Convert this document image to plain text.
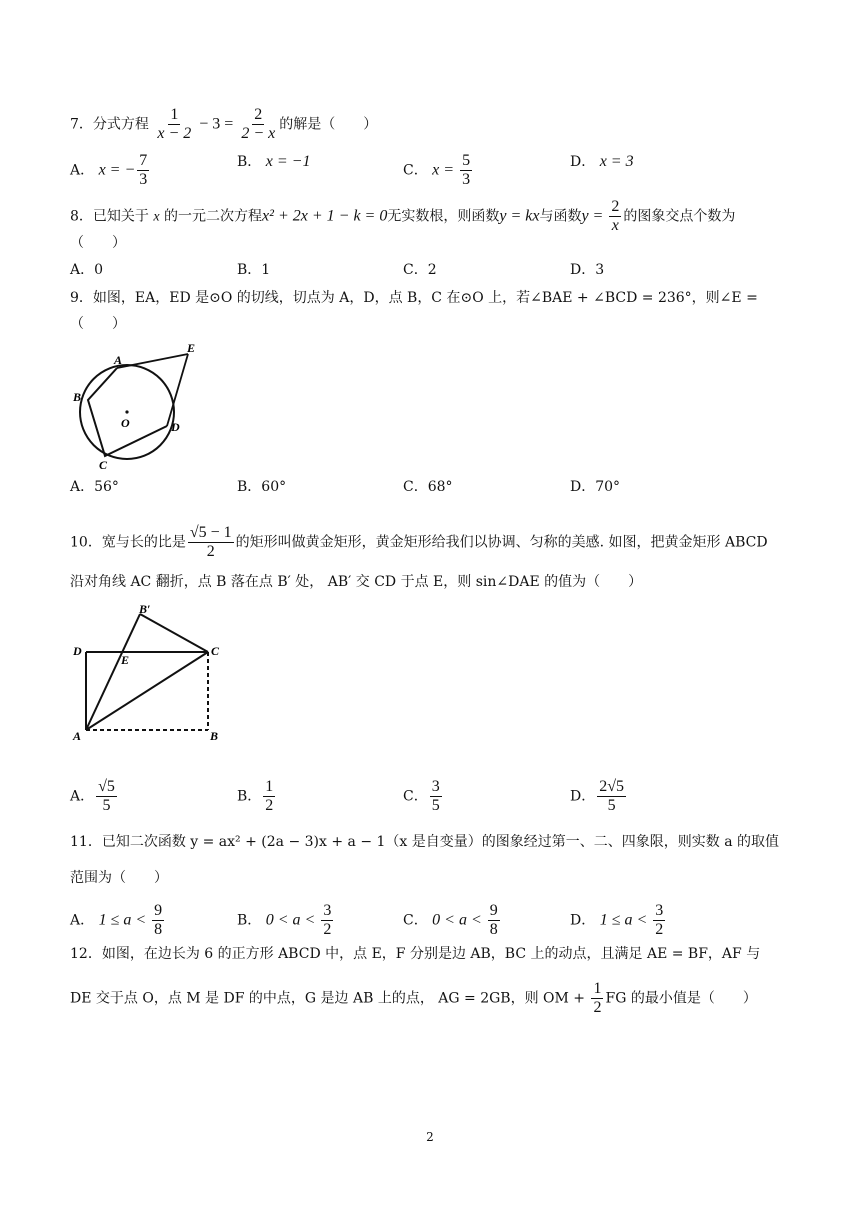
7．分式方程 $\frac{1}{x - 2} - 3 = \frac{2}{2 - x}$ 的解是（　　）
A． x = − $\frac{7}{3}$	B． x = −1
C． $x = \frac{5}{3}$	D． x = 3
8．已知关于 x 的一元二次方程x² + 2x + 1 − k = 0无实数根，则函数y = kx与函数$y = \frac{2}{x}$ 的图象交点个数为
（　　）
A．0	B．1	C．2	D．3
9．如图，EA，ED 是⊙O 的切线，切点为 A，D，点 B，C 在⊙O 上，若∠BAE + ∠BCD = 236°，则∠E =
（　　）
A
B
C
D
E
O
A．56°	B．60°	C．68°	D．70°
10．宽与长的比是 $\frac{√5 - 1}{2}$ 的矩形叫做黄金矩形，黄金矩形给我们以协调、匀称的美感. 如图，把黄金矩形 ABCD
沿对角线 AC 翻折，点 B 落在点 B′ 处， AB′ 交 CD 于点 E，则 sin∠DAE 的值为（　　）
B′
D
E
C
A	B
A． $\frac{√5}{5}$	B． $\frac{1}{2}$	C． $\frac{3}{5}$	D． $\frac{2√5}{5}$
11．已知二次函数 y = ax² + (2a − 3)x + a − 1（x 是自变量）的图象经过第一、二、四象限，则实数 a 的取值
范围为（　　）
A． $1 \le a < \frac{9}{8}$	B． $0 < a < \frac{3}{2}$	C． $0 < a < \frac{9}{8}$	D． $1 \le a < \frac{3}{2}$
12．如图，在边长为 6 的正方形 ABCD 中，点 E，F 分别是边 AB，BC 上的动点，且满足 AE = BF，AF 与
DE 交于点 O，点 M 是 DF 的中点，G 是边 AB 上的点， AG = 2GB，则 OM + $\frac{1}{2}$ FG 的最小值是（　　）
2
